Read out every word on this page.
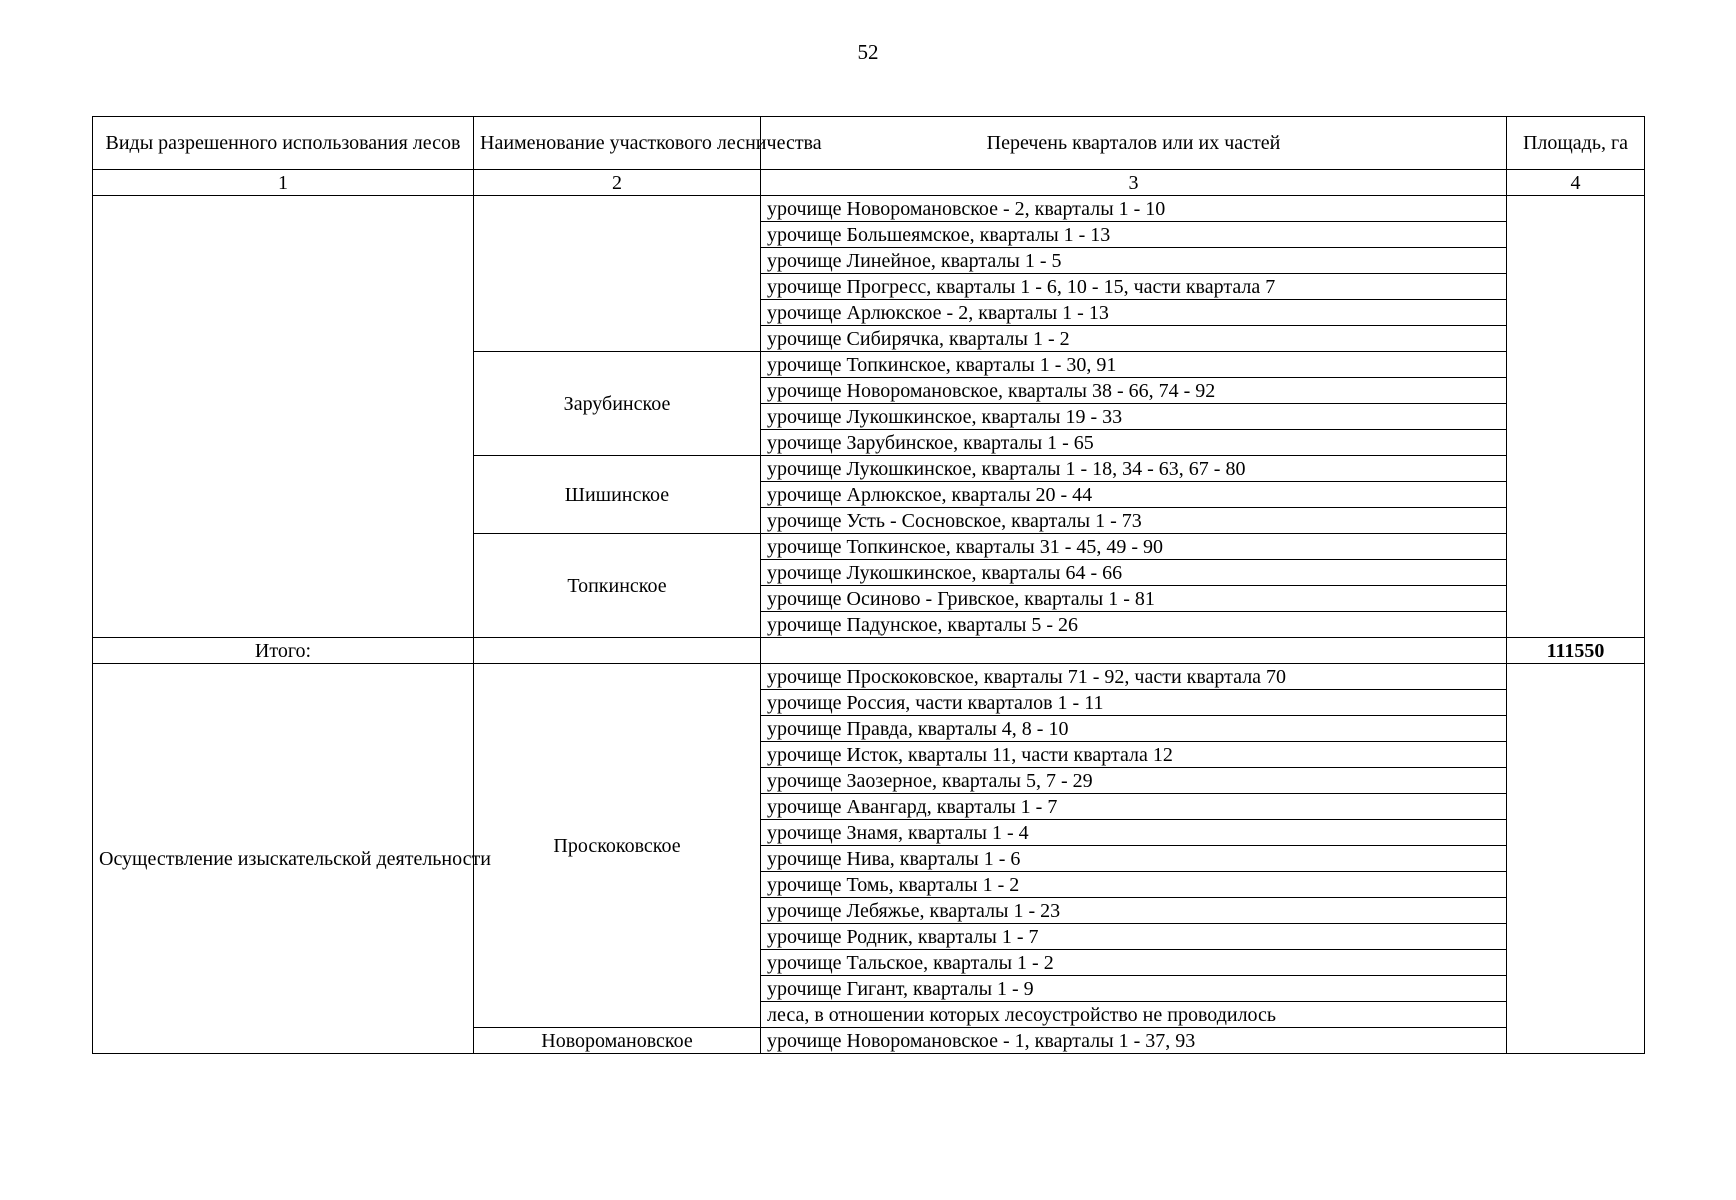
52
Виды разрешенного использования лесов	Наименование участкового лесничества	Перечень кварталов или их частей	Площадь, га
1	2	3	4
		урочище Новоромановское - 2, кварталы 1 - 10	
		урочище Большеямское, кварталы 1 - 13	
		урочище Линейное, кварталы 1 - 5	
		урочище Прогресс, кварталы 1 - 6, 10 - 15, части квартала 7	
		урочище Арлюкское - 2, кварталы 1 - 13	
		урочище Сибирячка, кварталы 1 - 2	
	Зарубинское	урочище Топкинское, кварталы 1 - 30, 91	
		урочище Новоромановское, кварталы 38 - 66, 74 - 92	
		урочище Лукошкинское, кварталы 19 - 33	
		урочище Зарубинское, кварталы 1 - 65	
	Шишинское	урочище Лукошкинское, кварталы 1 - 18, 34 - 63, 67 - 80	
		урочище Арлюкское, кварталы 20 - 44	
		урочище Усть - Сосновское, кварталы 1 - 73	
	Топкинское	урочище Топкинское, кварталы 31 - 45, 49 - 90	
		урочище Лукошкинское, кварталы 64 - 66	
		урочище Осиново - Гривское, кварталы 1 - 81	
		урочище Падунское, кварталы 5 - 26	
Итого:			111550
Осуществление изыскательской деятельности	Проскоковское	урочище Проскоковское, кварталы 71 - 92, части квартала 70	
		урочище Россия, части кварталов 1 - 11	
		урочище Правда, кварталы 4, 8 - 10	
		урочище Исток, кварталы 11, части квартала 12	
		урочище Заозерное, кварталы 5, 7 - 29	
		урочище Авангард, кварталы 1 - 7	
		урочище Знамя, кварталы 1 - 4	
		урочище Нива, кварталы 1 - 6	
		урочище Томь, кварталы 1 - 2	
		урочище Лебяжье, кварталы 1 - 23	
		урочище Родник, кварталы 1 - 7	
		урочище Тальское, кварталы 1 - 2	
		урочище Гигант, кварталы 1 - 9	
		леса, в отношении которых лесоустройство не проводилось	
	Новоромановское	урочище Новоромановское - 1, кварталы 1 - 37, 93	
